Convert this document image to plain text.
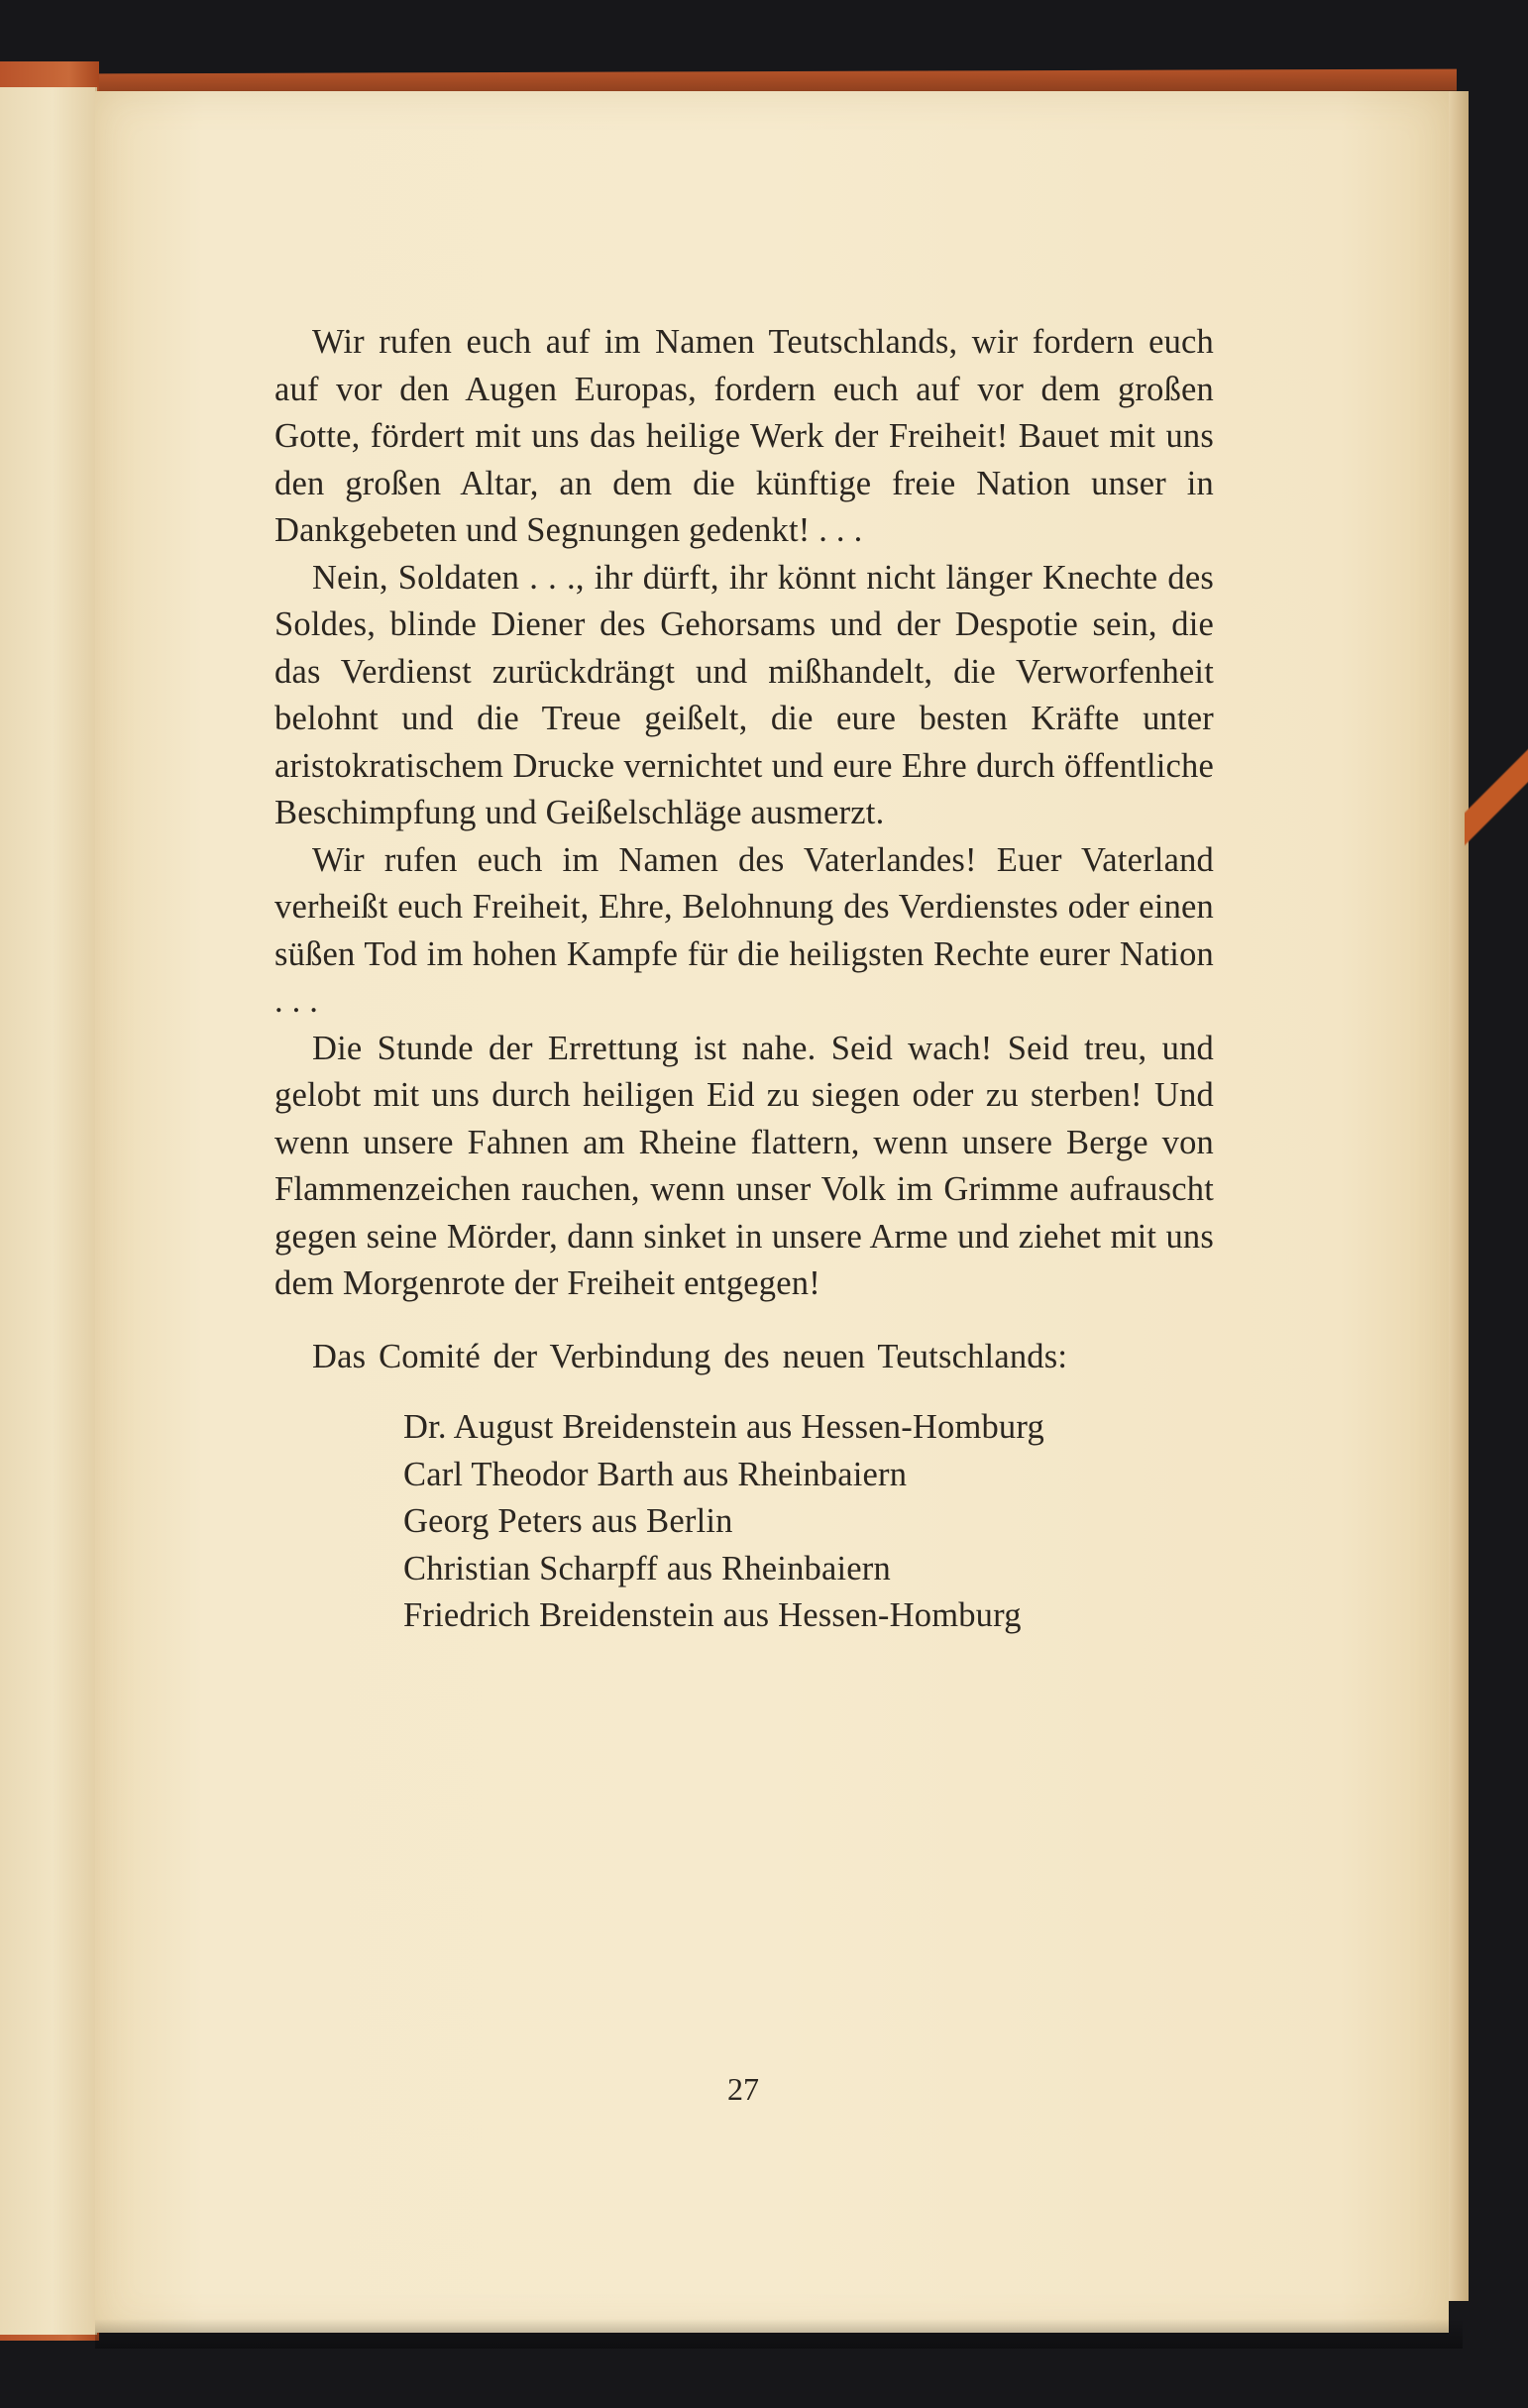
Wir rufen euch auf im Namen Teutschlands, wir fordern euch auf vor den Augen Europas, fordern euch auf vor dem großen Gotte, fördert mit uns das heilige Werk der Freiheit! Bauet mit uns den großen Altar, an dem die künftige freie Nation unser in Dankgebeten und Segnungen gedenkt! . . .

Nein, Soldaten . . ., ihr dürft, ihr könnt nicht länger Knechte des Soldes, blinde Diener des Gehorsams und der Despotie sein, die das Verdienst zurückdrängt und mißhandelt, die Verworfenheit belohnt und die Treue geißelt, die eure besten Kräfte unter aristokratischem Drucke vernichtet und eure Ehre durch öffentliche Beschimpfung und Geißelschläge ausmerzt.

Wir rufen euch im Namen des Vaterlandes! Euer Vaterland verheißt euch Freiheit, Ehre, Belohnung des Verdienstes oder einen süßen Tod im hohen Kampfe für die heiligsten Rechte eurer Nation . . .

Die Stunde der Errettung ist nahe. Seid wach! Seid treu, und gelobt mit uns durch heiligen Eid zu siegen oder zu sterben! Und wenn unsere Fahnen am Rheine flattern, wenn unsere Berge von Flammenzeichen rauchen, wenn unser Volk im Grimme aufrauscht gegen seine Mörder, dann sinket in unsere Arme und ziehet mit uns dem Morgenrote der Freiheit entgegen!

Das Comité der Verbindung des neuen Teutschlands:

Dr. August Breidenstein aus Hessen-Homburg
Carl Theodor Barth aus Rheinbaiern
Georg Peters aus Berlin
Christian Scharpff aus Rheinbaiern
Friedrich Breidenstein aus Hessen-Homburg
27
